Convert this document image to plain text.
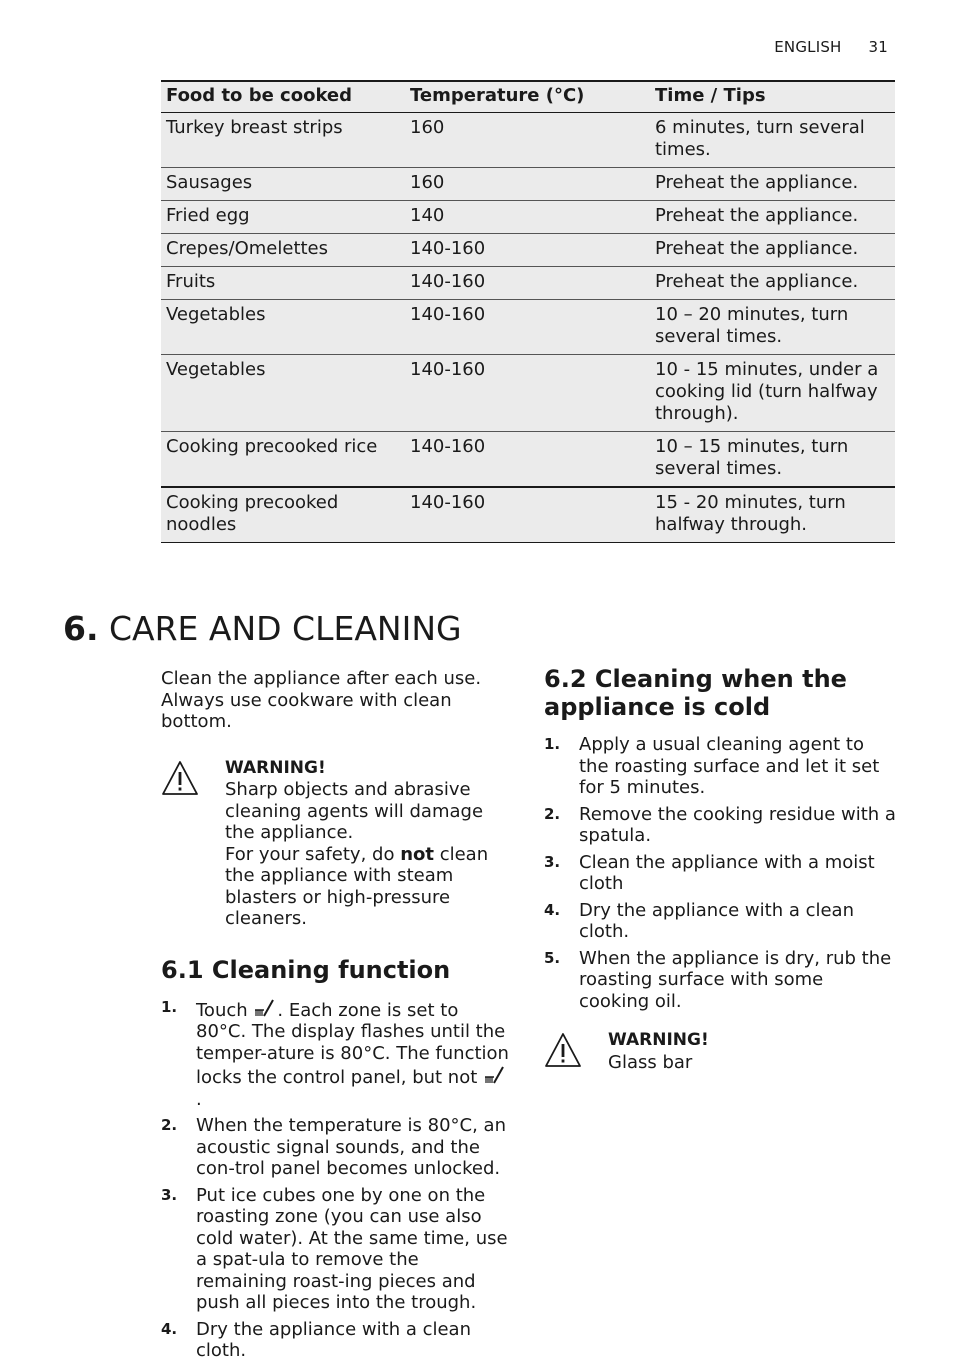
ENGLISH 31
Food to be cooked	Temperature (°C)	Time / Tips
Turkey breast strips	160	6 minutes, turn several times.
Sausages	160	Preheat the appliance.
Fried egg	140	Preheat the appliance.
Crepes/Omelettes	140-160	Preheat the appliance.
Fruits	140-160	Preheat the appliance.
Vegetables	140-160	10 – 20 minutes, turn several times.
Vegetables	140-160	10 - 15 minutes, under a cooking lid (turn halfway through).
Cooking precooked rice	140-160	10 – 15 minutes, turn several times.
Cooking precooked noodles	140-160	15 - 20 minutes, turn halfway through.
6. CARE AND CLEANING

Clean the appliance after each use.

Always use cookware with clean bottom.

WARNING!

Sharp objects and abrasive cleaning agents will damage the appliance.

For your safety, do not clean the appliance with steam blasters or high-pressure cleaners.

6.1 Cleaning function
1. Touch . Each zone is set to 80°C. The display flashes until the temper-ature is 80°C. The function locks the control panel, but not .
2. When the temperature is 80°C, an acoustic signal sounds, and the con-trol panel becomes unlocked.
3. Put ice cubes one by one on the roasting zone (you can use also cold water). At the same time, use a spat-ula to remove the remaining roast-ing pieces and push all pieces into the trough.
4. Dry the appliance with a clean cloth.
6.2 Cleaning when the appliance is cold
1. Apply a usual cleaning agent to the roasting surface and let it set for 5 minutes.
2. Remove the cooking residue with a spatula.
3. Clean the appliance with a moist cloth
4. Dry the appliance with a clean cloth.
5. When the appliance is dry, rub the roasting surface with some cooking oil.
WARNING!

Glass bar
